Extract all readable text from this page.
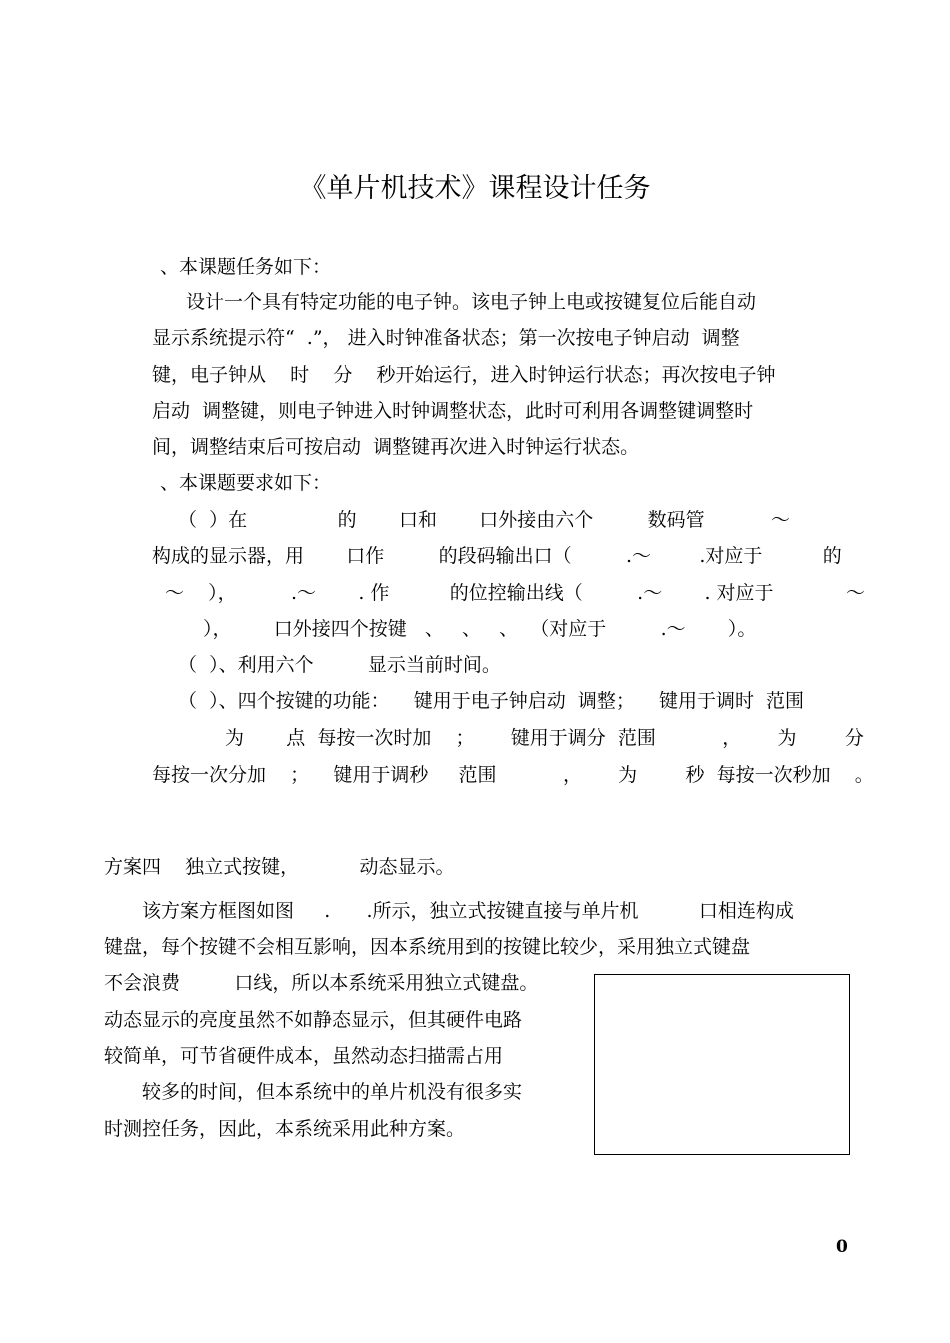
《单片机技术》课程设计任务
、本课题任务如下：
设计一个具有特定功能的电子钟。该电子钟上电或按键复位后能自动
显示系统提示符“  .”， 进入时钟准备状态；第一次按电子钟启动  调整
键，电子钟从    时    分    秒开始运行，进入时钟运行状态；再次按电子钟
启动  调整键，则电子钟进入时钟调整状态，此时可利用各调整键调整时
间，调整结束后可按启动  调整键再次进入时钟运行状态。
、本课题要求如下：
（  ）在               的       口和       口外接由六个         数码管           ～
构成的显示器，用       口作         的段码输出口（         .～        .对应于          的
～    ），         .～       . 作          的位控输出线（         .～       . 对应于            ～
），       口外接四个按键   、   、   、  （对应于         .～       ）。
（  ）、利用六个         显示当前时间。
（  ）、四个按键的功能：    键用于电子钟启动  调整；    键用于调时  范围
为       点  每按一次时加    ；      键用于调分  范围           ，      为        分
每按一次分加    ；    键用于调秒     范围           ，      为        秒  每按一次秒加    。
方案四    独立式按键，          动态显示。
该方案方框图如图     .      .所示，独立式按键直接与单片机          口相连构成
键盘，每个按键不会相互影响，因本系统用到的按键比较少，采用独立式键盘
不会浪费         口线，所以本系统采用独立式键盘。
动态显示的亮度虽然不如静态显示，但其硬件电路
较简单，可节省硬件成本，虽然动态扫描需占用
较多的时间，但本系统中的单片机没有很多实
时测控任务，因此，本系统采用此种方案。
0
